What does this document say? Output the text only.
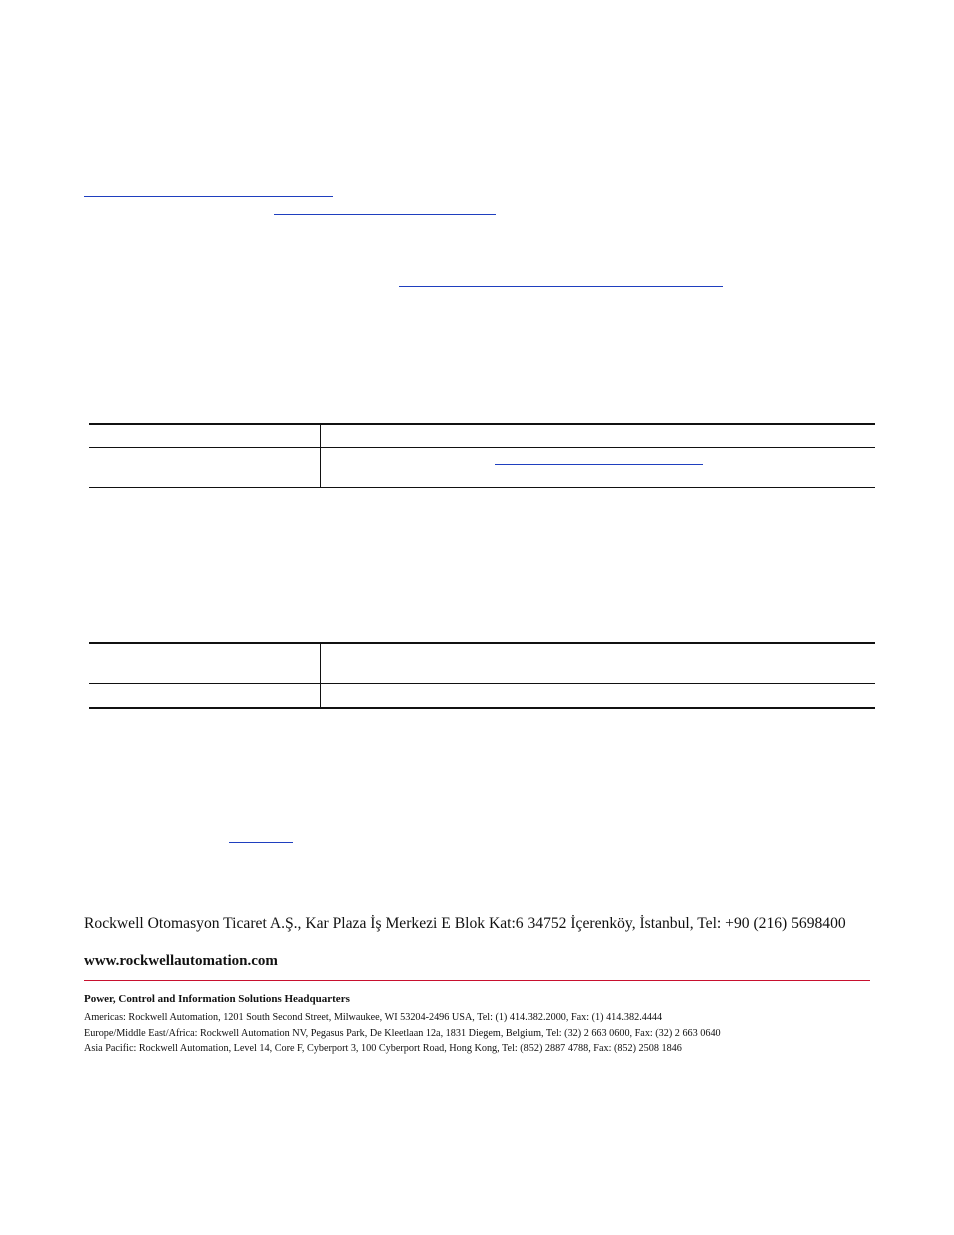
Rockwell Otomasyon Ticaret A.Ş., Kar Plaza İş Merkezi E Blok Kat:6 34752 İçerenköy, İstanbul, Tel: +90 (216) 5698400
www.rockwellautomation.com
Power, Control and Information Solutions Headquarters
Americas: Rockwell Automation, 1201 South Second Street, Milwaukee, WI 53204-2496 USA, Tel: (1) 414.382.2000, Fax: (1) 414.382.4444
Europe/Middle East/Africa: Rockwell Automation NV, Pegasus Park, De Kleetlaan 12a, 1831 Diegem, Belgium, Tel: (32) 2 663 0600, Fax: (32) 2 663 0640
Asia Pacific: Rockwell Automation, Level 14, Core F, Cyberport 3, 100 Cyberport Road, Hong Kong, Tel: (852) 2887 4788, Fax: (852) 2508 1846
